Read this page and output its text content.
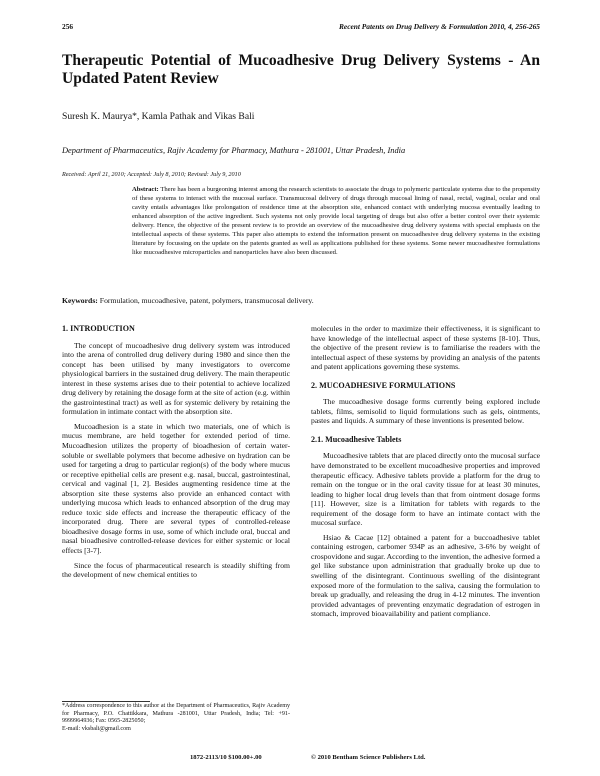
256	Recent Patents on Drug Delivery & Formulation 2010, 4, 256-265
Therapeutic Potential of Mucoadhesive Drug Delivery Systems - An Updated Patent Review

Suresh K. Maurya*, Kamla Pathak and Vikas Bali

Department of Pharmaceutics, Rajiv Academy for Pharmacy, Mathura - 281001, Uttar Pradesh, India

Received: April 21, 2010; Accepted: July 8, 2010; Revised: July 9, 2010

Abstract: There has been a burgeoning interest among the research scientists to associate the drugs to polymeric particulate systems due to the propensity of these systems to interact with the mucosal surface. Transmucosal delivery of drugs through mucosal lining of nasal, rectal, vaginal, ocular and oral cavity entails advantages like prolongation of residence time at the absorption site, enhanced contact with underlying mucosa eventually leading to enhanced absorption of the active ingredient. Such systems not only provide local targeting of drugs but also offer a better control over their systemic delivery. Hence, the objective of the present review is to provide an overview of the mucoadhesive drug delivery systems with special emphasis on the intellectual aspects of these systems. This paper also attempts to extend the information present on mucoadhesive drug delivery systems in the existing literature by focussing on the update on the patents granted as well as applications published for these systems. Some newer mucoadhesive formulations like mucoadhesive microparticles and nanoparticles have also been discussed.

Keywords: Formulation, mucoadhesive, patent, polymers, transmucosal delivery.

1. INTRODUCTION

The concept of mucoadhesive drug delivery system was introduced into the arena of controlled drug delivery during 1980 and since then the concept has been utilised by many investigators to overcome physiological barriers in the sustained drug delivery. The main therapeutic interest in these systems arises due to their potential to achieve localized drug delivery by retaining the dosage form at the site of action (e.g. within the gastrointestinal tract) as well as for systemic delivery by retaining the formulation in intimate contact with the absorption site.

Mucoadhesion is a state in which two materials, one of which is mucus membrane, are held together for extended period of time. Mucoadhesion utilizes the property of bioadhesion of certain water-soluble or swellable polymers that become adhesive on hydration can be used for targeting a drug to particular region(s) of the body where mucus or receptive epithelial cells are present e.g. nasal, buccal, gastrointestinal, cervical and vaginal [1, 2]. Besides augmenting residence time at the absorption site these systems also provide an enhanced contact with underlying mucosa which leads to enhanced absorption of the drug may reduce toxic side effects and increase the therapeutic efficacy of the incorporated drug. There are several types of controlled-release bioadhesive dosage forms in use, some of which include oral, buccal and nasal bioadhesive controlled-release devices for either systemic or local effects [3-7].

Since the focus of pharmaceutical research is steadily shifting from the development of new chemical entities to

molecules in the order to maximize their effectiveness, it is significant to have knowledge of the intellectual aspect of these systems [8-10]. Thus, the objective of the present review is to familiarise the readers with the intellectual aspect of these systems by providing an analysis of the patents and patent applications governing these systems.

2. MUCOADHESIVE FORMULATIONS

The mucoadhesive dosage forms currently being explored include tablets, films, semisolid to liquid formulations such as gels, ointments, pastes and liquids. A summary of these inventions is presented below.

2.1. Mucoadhesive Tablets

Mucoadhesive tablets that are placed directly onto the mucosal surface have demonstrated to be excellent mucoadhesive properties and improved therapeutic efficacy. Adhesive tablets provide a platform for the drug to remain on the tongue or in the oral cavity tissue for at least 30 minutes, leading to higher local drug levels than that from ointment dosage forms [11]. However, size is a limitation for tablets with regards to the requirement of the dosage form to have an intimate contact with the mucosal surface.

Hsiao & Cacae [12] obtained a patent for a buccoadhesive tablet containing estrogen, carbomer 934P as an adhesive, 3-6% by weight of crospovidone and sugar. According to the invention, the adhesive formed a gel like substance upon administration that gradually broke up due to swelling of the disintegrant. Continuous swelling of the disintegrant exposed more of the formulation to the saliva, causing the formulation to break up gradually, and releasing the drug in 4-12 minutes. The invention provided advantages of preventing enzymatic degradation of estrogen in stomach, improved bioavailability and patient compliance.

*Address correspondence to this author at the Department of Pharmaceutics, Rajiv Academy for Pharmacy, P.O. Chattikkara, Mathura -281001, Uttar Pradesh, India; Tel: +91-9999964936; Fax: 0565-2825050;
E-mail: vksbali@gmail.com

1872-2113/10 $100.00+.00	© 2010 Bentham Science Publishers Ltd.
